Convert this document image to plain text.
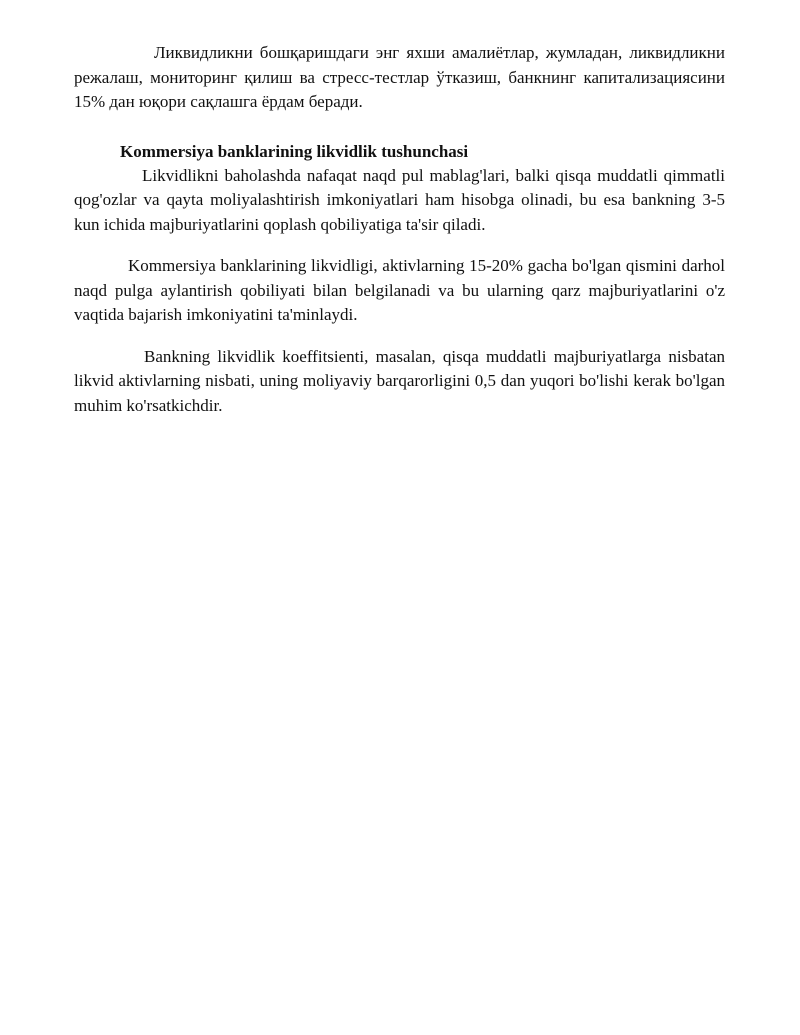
Ликвидликни бошқаришдаги энг яхши амалиётлар, жумладан, ликвидликни режалаш, мониторинг қилиш ва стресс-тестлар ўтказиш, банкнинг капитализациясини 15% дан юқори сақлашга ёрдам беради.

Kommersiya banklarining likvidlik tushunchasi

Likvidlikni baholashda nafaqat naqd pul mablag'lari, balki qisqa muddatli qimmatli qog'ozlar va qayta moliyalashtirish imkoniyatlari ham hisobga olinadi, bu esa bankning 3-5 kun ichida majburiyatlarini qoplash qobiliyatiga ta'sir qiladi.

Kommersiya banklarining likvidligi, aktivlarning 15-20% gacha bo'lgan qismini darhol naqd pulga aylantirish qobiliyati bilan belgilanadi va bu ularning qarz majburiyatlarini o'z vaqtida bajarish imkoniyatini ta'minlaydi.

Bankning likvidlik koeffitsienti, masalan, qisqa muddatli majburiyatlarga nisbatan likvid aktivlarning nisbati, uning moliyaviy barqarorligini 0,5 dan yuqori bo'lishi kerak bo'lgan muhim ko'rsatkichdir.
